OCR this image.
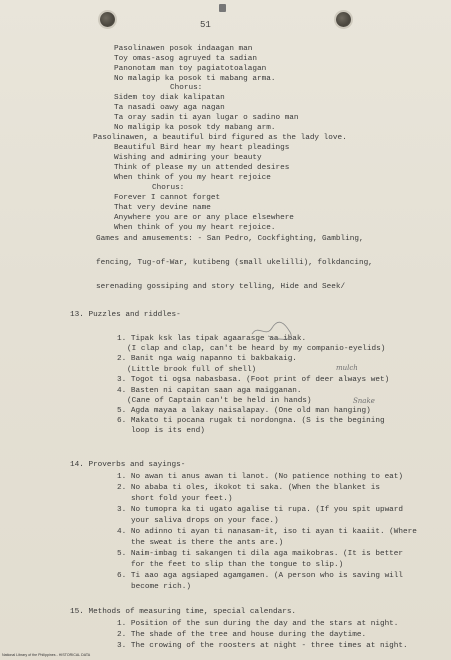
51
Pasolinawen posok indaagan man
Toy omas-asog agruyed ta sadian
Panonotam man toy pagiatotoalagan
No malagip ka posok ti mabang arma.
Chorus:
Sidem toy diak kalipatan
Ta nasadi oawy aga nagan
Ta oray sadin ti ayan lugar o sadino man
No maligip ka posok tdy mabang arm.
Pasolinawen, a beautiful bird figured as the lady love.
Beautiful Bird hear my heart pleadings
Wishing and admiring your beauty
Think of please my un attended desires
When think of you my heart rejoice
Chorus:
Forever I cannot forget
That very devine name
Anywhere you are or any place elsewhere
When think of you my heart rejoice.
Games and amusements: - San Pedro, Cockfighting, Gambling,
fencing, Tug-of-War, kutibeng (small ukelilli), folkdancing,
serenading gossiping and story telling, Hide and Seek/
13. Puzzles and riddles-
1. Tipak ksk las tipak agaarasge aa ibak.
(I clap and clap, can't be heard by my companio-eyelids)
2. Banit nga waig napanno ti bakbakaig.
(Little brook full of shell)
3. Togot ti ogsa nabasbasa. (Foot print of deer always wet)
4. Basten ni capitan saan aga maigganan.
(Cane of Captain can't be held in hands)
5. Agda mayaa a lakay naisalapay. (One old man hanging)
6. Makato ti pocana rugak ti nordongna. (S is the begining
loop is its end)
14. Proverbs and sayings-
1. No awan ti anus awan ti lanot. (No patience nothing to eat)
2. No ababa ti oles, ikokot ti saka. (When the blanket is
short fold your feet.)
3. No tumopra ka ti ugato agalise ti rupa. (If you spit upward
your saliva drops on your face.)
4. No adinno ti ayan ti nanasam-it, iso ti ayan ti kaaiit. (Where
the sweat is there the ants are.)
5. Naim-imbag ti sakangen ti dila aga maikobras. (It is better
for the feet to slip than the tongue to slip.)
6. Ti aao aga agsiaped agamgamen. (A person who is saving will
become rich.)
15. Methods of measuring time, special calendars.
1. Position of the sun during the day and the stars at night.
2. The shade of the tree and house during the daytime.
3. The crowing of the roosters at night - three times at night.
mulch
Snake
National Library of the Philippines - HISTORICAL DATA
